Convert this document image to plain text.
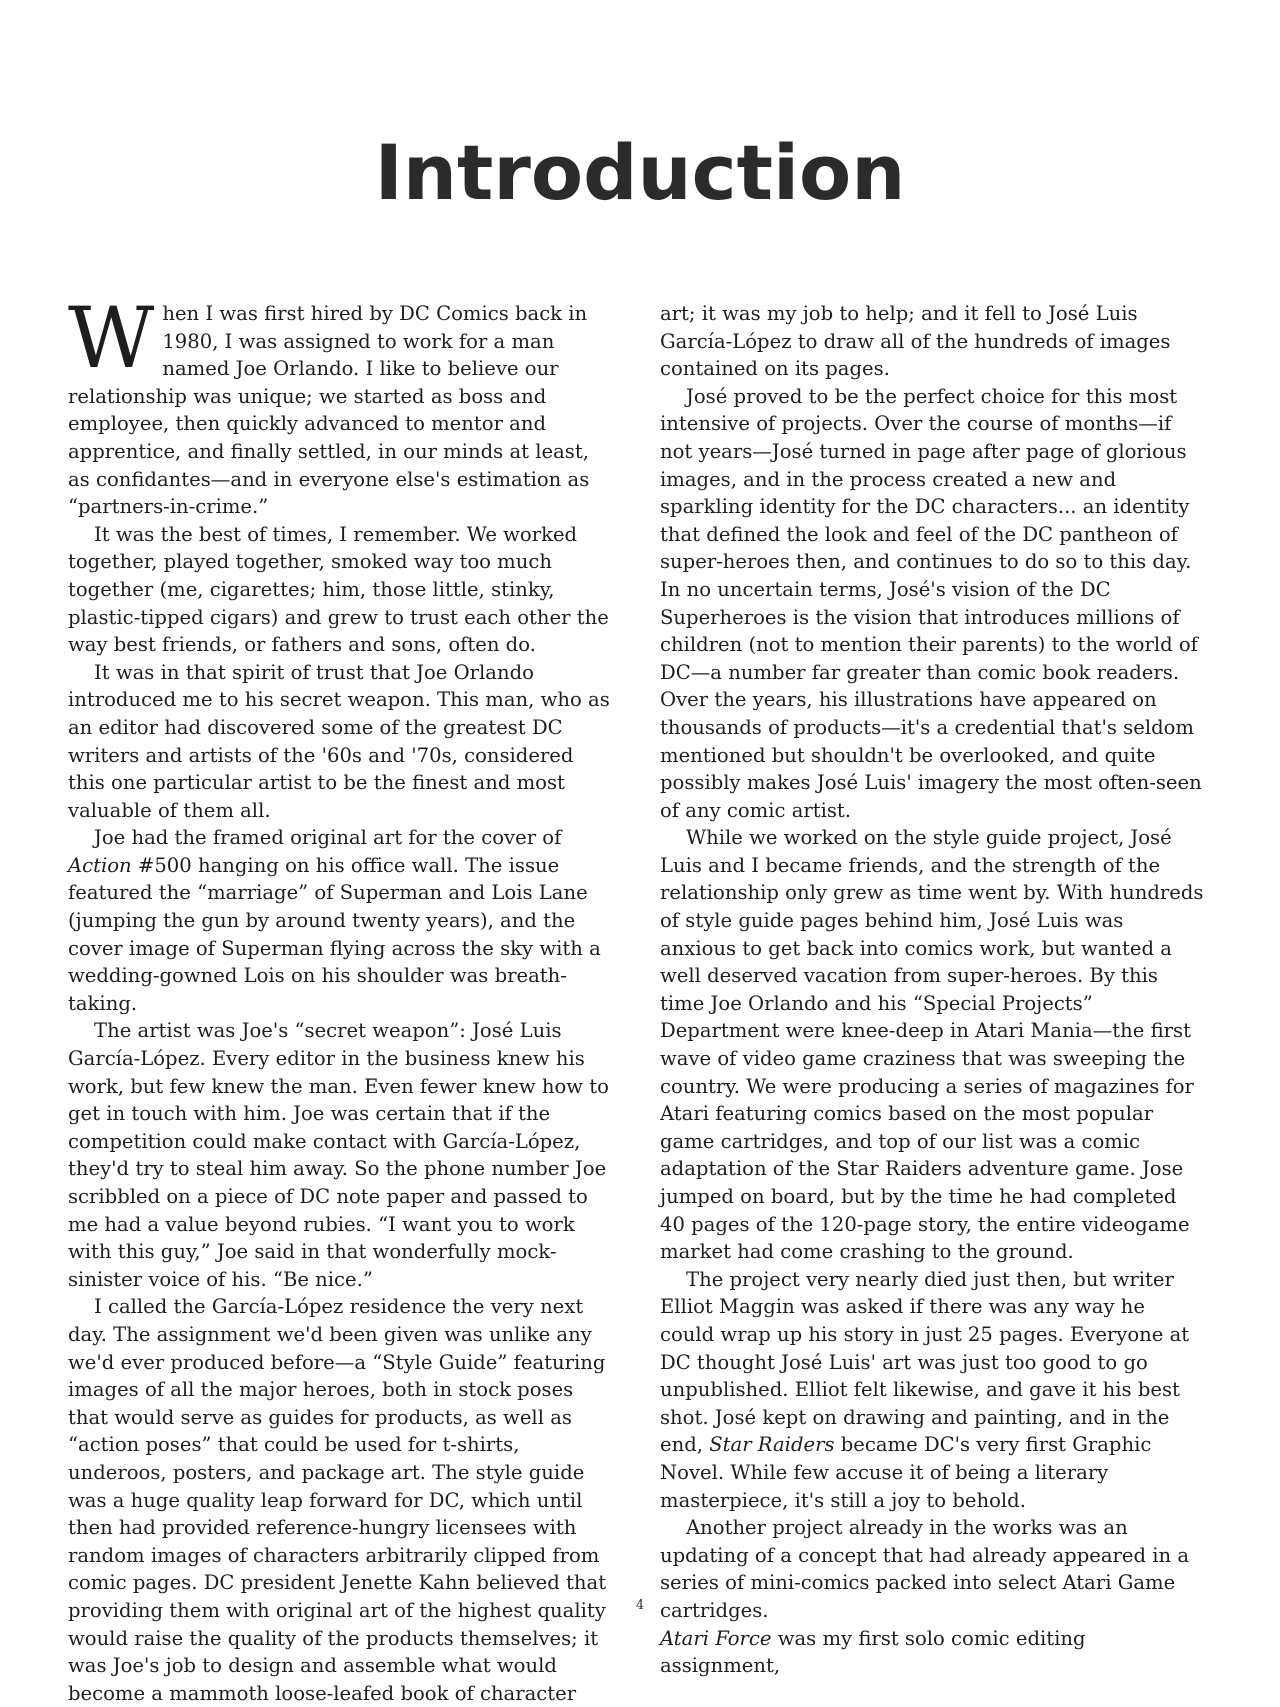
Introduction

When I was first hired by DC Comics back in 1980, I was assigned to work for a man named Joe Orlando. I like to believe our relationship was unique; we started as boss and employee, then quickly advanced to mentor and apprentice, and finally settled, in our minds at least, as confidantes—and in everyone else's estimation as “partners-in-crime.”

It was the best of times, I remember. We worked together, played together, smoked way too much together (me, cigarettes; him, those little, stinky, plastic-tipped cigars) and grew to trust each other the way best friends, or fathers and sons, often do.

It was in that spirit of trust that Joe Orlando introduced me to his secret weapon. This man, who as an editor had discovered some of the greatest DC writers and artists of the '60s and '70s, considered this one particular artist to be the finest and most valuable of them all.

Joe had the framed original art for the cover of Action #500 hanging on his office wall. The issue featured the “marriage” of Superman and Lois Lane (jumping the gun by around twenty years), and the cover image of Superman flying across the sky with a wedding-gowned Lois on his shoulder was breath-taking.

The artist was Joe's “secret weapon”: José Luis García-López. Every editor in the business knew his work, but few knew the man. Even fewer knew how to get in touch with him. Joe was certain that if the competition could make contact with García-López, they'd try to steal him away. So the phone number Joe scribbled on a piece of DC note paper and passed to me had a value beyond rubies. “I want you to work with this guy,” Joe said in that wonderfully mock-sinister voice of his. “Be nice.”

I called the García-López residence the very next day. The assignment we'd been given was unlike any we'd ever produced before—a “Style Guide” featuring images of all the major heroes, both in stock poses that would serve as guides for products, as well as “action poses” that could be used for t-shirts, underoos, posters, and package art. The style guide was a huge quality leap forward for DC, which until then had provided reference-hungry licensees with random images of characters arbitrarily clipped from comic pages. DC president Jenette Kahn believed that providing them with original art of the highest quality would raise the quality of the products themselves; it was Joe's job to design and assemble what would become a mammoth loose-leafed book of character

art; it was my job to help; and it fell to José Luis García-López to draw all of the hundreds of images contained on its pages.

José proved to be the perfect choice for this most intensive of projects. Over the course of months—if not years—José turned in page after page of glorious images, and in the process created a new and sparkling identity for the DC characters... an identity that defined the look and feel of the DC pantheon of super-heroes then, and continues to do so to this day. In no uncertain terms, José's vision of the DC Superheroes is the vision that introduces millions of children (not to mention their parents) to the world of DC—a number far greater than comic book readers. Over the years, his illustrations have appeared on thousands of products—it's a credential that's seldom mentioned but shouldn't be overlooked, and quite possibly makes José Luis' imagery the most often-seen of any comic artist.

While we worked on the style guide project, José Luis and I became friends, and the strength of the relationship only grew as time went by. With hundreds of style guide pages behind him, José Luis was anxious to get back into comics work, but wanted a well deserved vacation from super-heroes. By this time Joe Orlando and his “Special Projects” Department were knee-deep in Atari Mania—the first wave of video game craziness that was sweeping the country. We were producing a series of magazines for Atari featuring comics based on the most popular game cartridges, and top of our list was a comic adaptation of the Star Raiders adventure game. Jose jumped on board, but by the time he had completed 40 pages of the 120-page story, the entire videogame market had come crashing to the ground.

The project very nearly died just then, but writer Elliot Maggin was asked if there was any way he could wrap up his story in just 25 pages. Everyone at DC thought José Luis' art was just too good to go unpublished. Elliot felt likewise, and gave it his best shot. José kept on drawing and painting, and in the end, Star Raiders became DC's very first Graphic Novel. While few accuse it of being a literary masterpiece, it's still a joy to behold.

Another project already in the works was an updating of a concept that had already appeared in a series of mini-comics packed into select Atari Game cartridges.

Atari Force was my first solo comic editing assignment,

4
